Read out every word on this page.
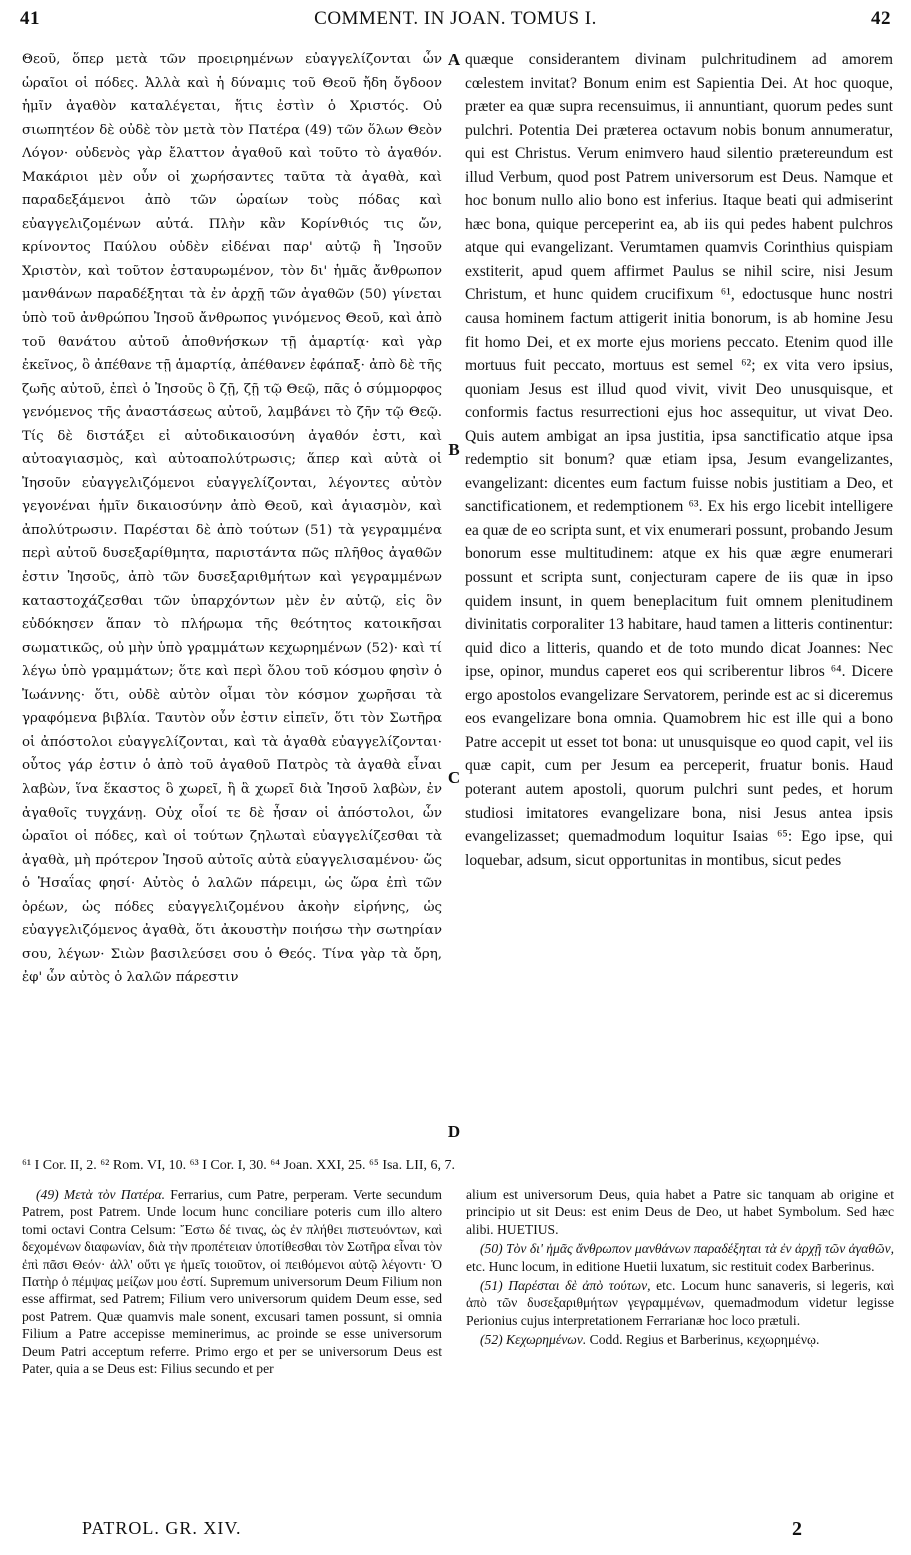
41	COMMENT. IN JOAN. TOMUS I.	42

Θεοῦ, ὅπερ μετὰ τῶν προειρημένων εὐαγγελίζονται ὧν ὡραῖοι οἱ πόδες. Ἀλλὰ καὶ ἡ δύναμις τοῦ Θεοῦ ἤδη ὄγδοον ἡμῖν ἀγαθὸν καταλέγεται, ἥτις ἐστὶν ὁ Χριστός. Οὐ σιωπητέον δὲ οὐδὲ τὸν μετὰ τὸν Πατέρα (49) τῶν ὅλων Θεὸν Λόγον· οὐδενὸς γὰρ ἔλαττον ἀγαθοῦ καὶ τοῦτο τὸ ἀγαθόν. Μακάριοι μὲν οὖν οἱ χωρήσαντες ταῦτα τὰ ἀγαθὰ, καὶ παραδεξάμενοι ἀπὸ τῶν ὡραίων τοὺς πόδας καὶ εὐαγγελιζομένων αὐτά. Πλὴν κἂν Κορίνθιός τις ὤν, κρίνοντος Παύλου οὐδὲν εἰδέναι παρ' αὐτῷ ἢ Ἰησοῦν Χριστὸν, καὶ τοῦτον ἐσταυρωμένον, τὸν δι' ἡμᾶς ἄνθρωπον μανθάνων παραδέξηται τὰ ἐν ἀρχῇ τῶν ἀγαθῶν (50) γίνεται ὑπὸ τοῦ ἀνθρώπου Ἰησοῦ ἄνθρωπος γινόμενος Θεοῦ, καὶ ἀπὸ τοῦ θανάτου αὐτοῦ ἀποθνήσκων τῇ ἁμαρτίᾳ· καὶ γὰρ ἐκεῖνος, ὃ ἀπέθανε τῇ ἁμαρτίᾳ, ἀπέθανεν ἐφάπαξ· ἀπὸ δὲ τῆς ζωῆς αὐτοῦ, ἐπεὶ ὁ Ἰησοῦς ὃ ζῇ, ζῇ τῷ Θεῷ, πᾶς ὁ σύμμορφος γενόμενος τῆς ἀναστάσεως αὐτοῦ, λαμβάνει τὸ ζῆν τῷ Θεῷ. Τίς δὲ διστάξει εἰ αὐτοδικαιοσύνη ἀγαθόν ἐστι, καὶ αὐτοαγιασμὸς, καὶ αὐτοαπολύτρωσις; ἅπερ καὶ αὐτὰ οἱ Ἰησοῦν εὐαγγελιζόμενοι εὐαγγελίζονται, λέγοντες αὐτὸν γεγονέναι ἡμῖν δικαιοσύνην ἀπὸ Θεοῦ, καὶ ἁγιασμὸν, καὶ ἀπολύτρωσιν. Παρέσται δὲ ἀπὸ τούτων (51) τὰ γεγραμμένα περὶ αὐτοῦ δυσεξαρίθμητα, παριστάντα πῶς πλῆθος ἀγαθῶν ἐστιν Ἰησοῦς, ἀπὸ τῶν δυσεξαριθμήτων καὶ γεγραμμένων καταστοχάζεσθαι τῶν ὑπαρχόντων μὲν ἐν αὐτῷ, εἰς ὃν εὐδόκησεν ἅπαν τὸ πλήρωμα τῆς θεότητος κατοικῆσαι σωματικῶς, οὐ μὴν ὑπὸ γραμμάτων κεχωρημένων (52)· καὶ τί λέγω ὑπὸ γραμμάτων; ὅτε καὶ περὶ ὅλου τοῦ κόσμου φησὶν ὁ Ἰωάννης· ὅτι, οὐδὲ αὐτὸν οἶμαι τὸν κόσμον χωρῆσαι τὰ γραφόμενα βιβλία. Ταυτὸν οὖν ἐστιν εἰπεῖν, ὅτι τὸν Σωτῆρα οἱ ἀπόστολοι εὐαγγελίζονται, καὶ τὰ ἀγαθὰ εὐαγγελίζονται· οὗτος γάρ ἐστιν ὁ ἀπὸ τοῦ ἀγαθοῦ Πατρὸς τὰ ἀγαθὰ εἶναι λαβὼν, ἵνα ἕκαστος ὃ χωρεῖ, ἢ ἃ χωρεῖ διὰ Ἰησοῦ λαβὼν, ἐν ἀγαθοῖς τυγχάνῃ. Οὐχ οἷοί τε δὲ ἦσαν οἱ ἀπόστολοι, ὧν ὡραῖοι οἱ πόδες, καὶ οἱ τούτων ζηλωταὶ εὐαγγελίζεσθαι τὰ ἀγαθὰ, μὴ πρότερον Ἰησοῦ αὐτοῖς αὐτὰ εὐαγγελισαμένου· ὥς ὁ Ἡσαΐας φησί· Αὐτὸς ὁ λαλῶν πάρειμι, ὡς ὥρα ἐπὶ τῶν ὀρέων, ὡς πόδες εὐαγγελιζομένου ἀκοὴν εἰρήνης, ὡς εὐαγγελιζόμενος ἀγαθὰ, ὅτι ἀκουστὴν ποιήσω τὴν σωτηρίαν σου, λέγων· Σιὼν βασιλεύσει σου ὁ Θεός. Τίνα γὰρ τὰ ὄρη, ἐφ' ὧν αὐτὸς ὁ λαλῶν πάρεστιν

A
B
C
D

quæque considerantem divinam pulchritudinem ad amorem cœlestem invitat? Bonum enim est Sapientia Dei. At hoc quoque, præter ea quæ supra recensuimus, ii annuntiant, quorum pedes sunt pulchri. Potentia Dei præterea octavum nobis bonum annumeratur, qui est Christus. Verum enimvero haud silentio prætereundum est illud Verbum, quod post Patrem universorum est Deus. Namque et hoc bonum nullo alio bono est inferius. Itaque beati qui admiserint hæc bona, quique perceperint ea, ab iis qui pedes habent pulchros atque qui evangelizant. Verumtamen quamvis Corinthius quispiam exstiterit, apud quem affirmet Paulus se nihil scire, nisi Jesum Christum, et hunc quidem crucifixum ⁶¹, edoctusque hunc nostri causa hominem factum attigerit initia bonorum, is ab homine Jesu fit homo Dei, et ex morte ejus moriens peccato. Etenim quod ille mortuus fuit peccato, mortuus est semel ⁶²; ex vita vero ipsius, quoniam Jesus est illud quod vivit, vivit Deo unusquisque, et conformis factus resurrectioni ejus hoc assequitur, ut vivat Deo. Quis autem ambigat an ipsa justitia, ipsa sanctificatio atque ipsa redemptio sit bonum? quæ etiam ipsa, Jesum evangelizantes, evangelizant: dicentes eum factum fuisse nobis justitiam a Deo, et sanctificationem, et redemptionem ⁶³. Ex his ergo licebit intelligere ea quæ de eo scripta sunt, et vix enumerari possunt, probando Jesum bonorum esse multitudinem: atque ex his quæ ægre enumerari possunt et scripta sunt, conjecturam capere de iis quæ in ipso quidem insunt, in quem beneplacitum fuit omnem plenitudinem divinitatis corporaliter 13 habitare, haud tamen a litteris continentur: quid dico a litteris, quando et de toto mundo dicat Joannes: Nec ipse, opinor, mundus caperet eos qui scriberentur libros ⁶⁴. Dicere ergo apostolos evangelizare Servatorem, perinde est ac si diceremus eos evangelizare bona omnia. Quamobrem hic est ille qui a bono Patre accepit ut esset tot bona: ut unusquisque eo quod capit, vel iis quæ capit, cum per Jesum ea perceperit, fruatur bonis. Haud poterant autem apostoli, quorum pulchri sunt pedes, et horum studiosi imitatores evangelizare bona, nisi Jesus antea ipsis evangelizasset; quemadmodum loquitur Isaias ⁶⁵: Ego ipse, qui loquebar, adsum, sicut opportunitas in montibus, sicut pedes

⁶¹ I Cor. II, 2. ⁶² Rom. VI, 10. ⁶³ I Cor. I, 30. ⁶⁴ Joan. XXI, 25. ⁶⁵ Isa. LII, 6, 7.

(49) Μετὰ τὸν Πατέρα. Ferrarius, cum Patre, perperam. Verte secundum Patrem, post Patrem. Unde locum hunc conciliare poteris cum illo altero tomi octavi Contra Celsum: Ἔστω δέ τινας, ὡς ἐν πλήθει πιστευόντων, καὶ δεχομένων διαφωνίαν, διὰ τὴν προπέτειαν ὑποτίθεσθαι τὸν Σωτῆρα εἶναι τὸν ἐπὶ πᾶσι Θεόν· ἀλλ' οὔτι γε ἡμεῖς τοιοῦτον, οἱ πειθόμενοι αὐτῷ λέγοντι· Ὁ Πατὴρ ὁ πέμψας μείζων μου ἐστί. Supremum universorum Deum Filium non esse affirmat, sed Patrem; Filium vero universorum quidem Deum esse, sed post Patrem. Quæ quamvis male sonent, excusari tamen possunt, si omnia Filium a Patre accepisse meminerimus, ac proinde se esse universorum Deum Patri acceptum referre. Primo ergo et per se universorum Deus est Pater, quia a se Deus est: Filius secundo et per

alium est universorum Deus, quia habet a Patre sic tanquam ab origine et principio ut sit Deus: est enim Deus de Deo, ut habet Symbolum. Sed hæc alibi. HUETIUS.

(50) Τὸν δι' ἡμᾶς ἄνθρωπον μανθάνων παραδέξηται τὰ ἐν ἀρχῇ τῶν ἀγαθῶν, etc. Hunc locum, in editione Huetii luxatum, sic restituit codex Barberinus.

(51) Παρέσται δὲ ἀπὸ τούτων, etc. Locum hunc sanaveris, si legeris, καὶ ἀπὸ τῶν δυσεξαριθμήτων γεγραμμένων, quemadmodum videtur legisse Perionius cujus interpretationem Ferrarianæ hoc loco prætuli.

(52) Κεχωρημένων. Codd. Regius et Barberinus, κεχωρημένῳ.

PATROL. GR. XIV.	2
